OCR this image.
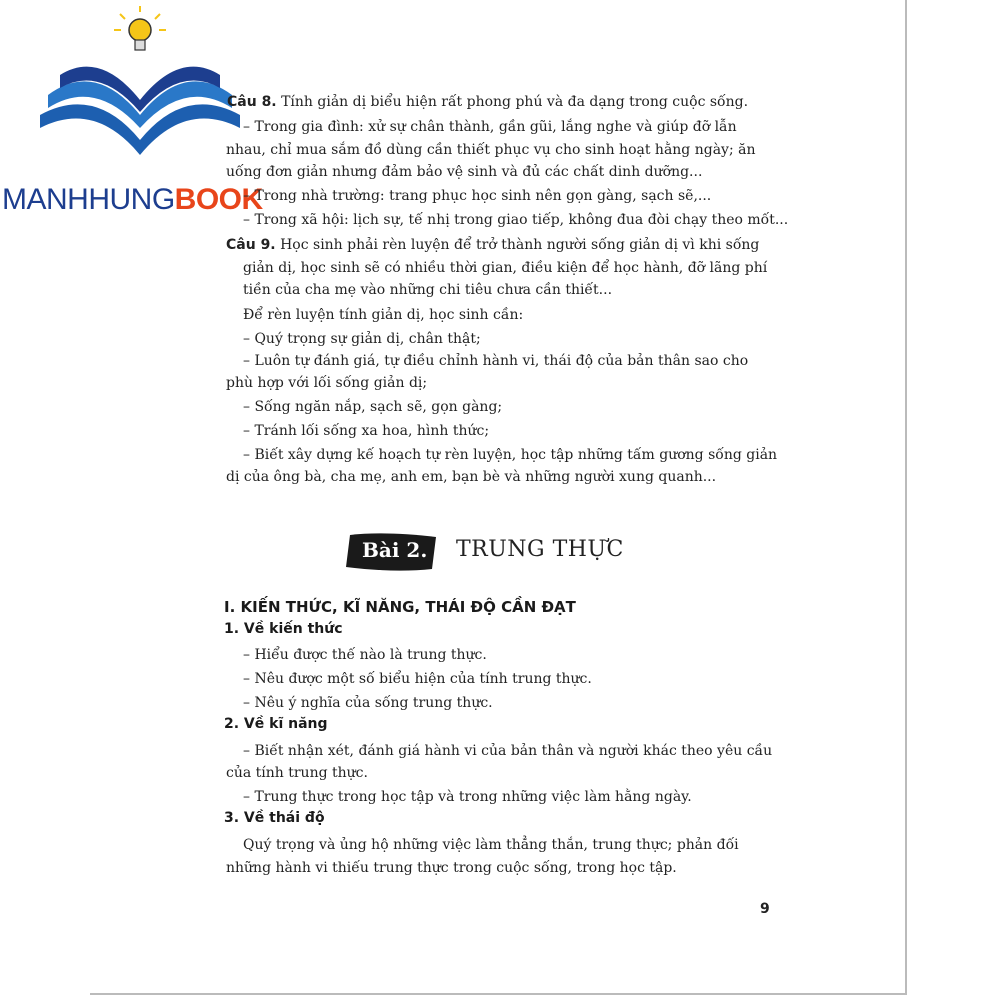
MANHHUNGBOOK
Câu 8. Tính giản dị biểu hiện rất phong phú và đa dạng trong cuộc sống.
– Trong gia đình: xử sự chân thành, gần gũi, lắng nghe và giúp đỡ lẫn
nhau, chỉ mua sắm đồ dùng cần thiết phục vụ cho sinh hoạt hằng ngày; ăn
uống đơn giản nhưng đảm bảo vệ sinh và đủ các chất dinh dưỡng...
– Trong nhà trường: trang phục học sinh nên gọn gàng, sạch sẽ,...
– Trong xã hội: lịch sự, tế nhị trong giao tiếp, không đua đòi chạy theo mốt...
Câu 9. Học sinh phải rèn luyện để trở thành người sống giản dị vì khi sống
giản dị, học sinh sẽ có nhiều thời gian, điều kiện để học hành, đỡ lãng phí
tiền của cha mẹ vào những chi tiêu chưa cần thiết...
Để rèn luyện tính giản dị, học sinh cần:
– Quý trọng sự giản dị, chân thật;
– Luôn tự đánh giá, tự điều chỉnh hành vi, thái độ của bản thân sao cho
phù hợp với lối sống giản dị;
– Sống ngăn nắp, sạch sẽ, gọn gàng;
– Tránh lối sống xa hoa, hình thức;
– Biết xây dựng kế hoạch tự rèn luyện, học tập những tấm gương sống giản
dị của ông bà, cha mẹ, anh em, bạn bè và những người xung quanh...
Bài 2. TRUNG THỰC
I. KIẾN THỨC, KĨ NĂNG, THÁI ĐỘ CẦN ĐẠT
1. Về kiến thức
– Hiểu được thế nào là trung thực.
– Nêu được một số biểu hiện của tính trung thực.
– Nêu ý nghĩa của sống trung thực.
2. Về kĩ năng
– Biết nhận xét, đánh giá hành vi của bản thân và người khác theo yêu cầu
của tính trung thực.
– Trung thực trong học tập và trong những việc làm hằng ngày.
3. Về thái độ
Quý trọng và ủng hộ những việc làm thẳng thắn, trung thực; phản đối
những hành vi thiếu trung thực trong cuộc sống, trong học tập.
9
